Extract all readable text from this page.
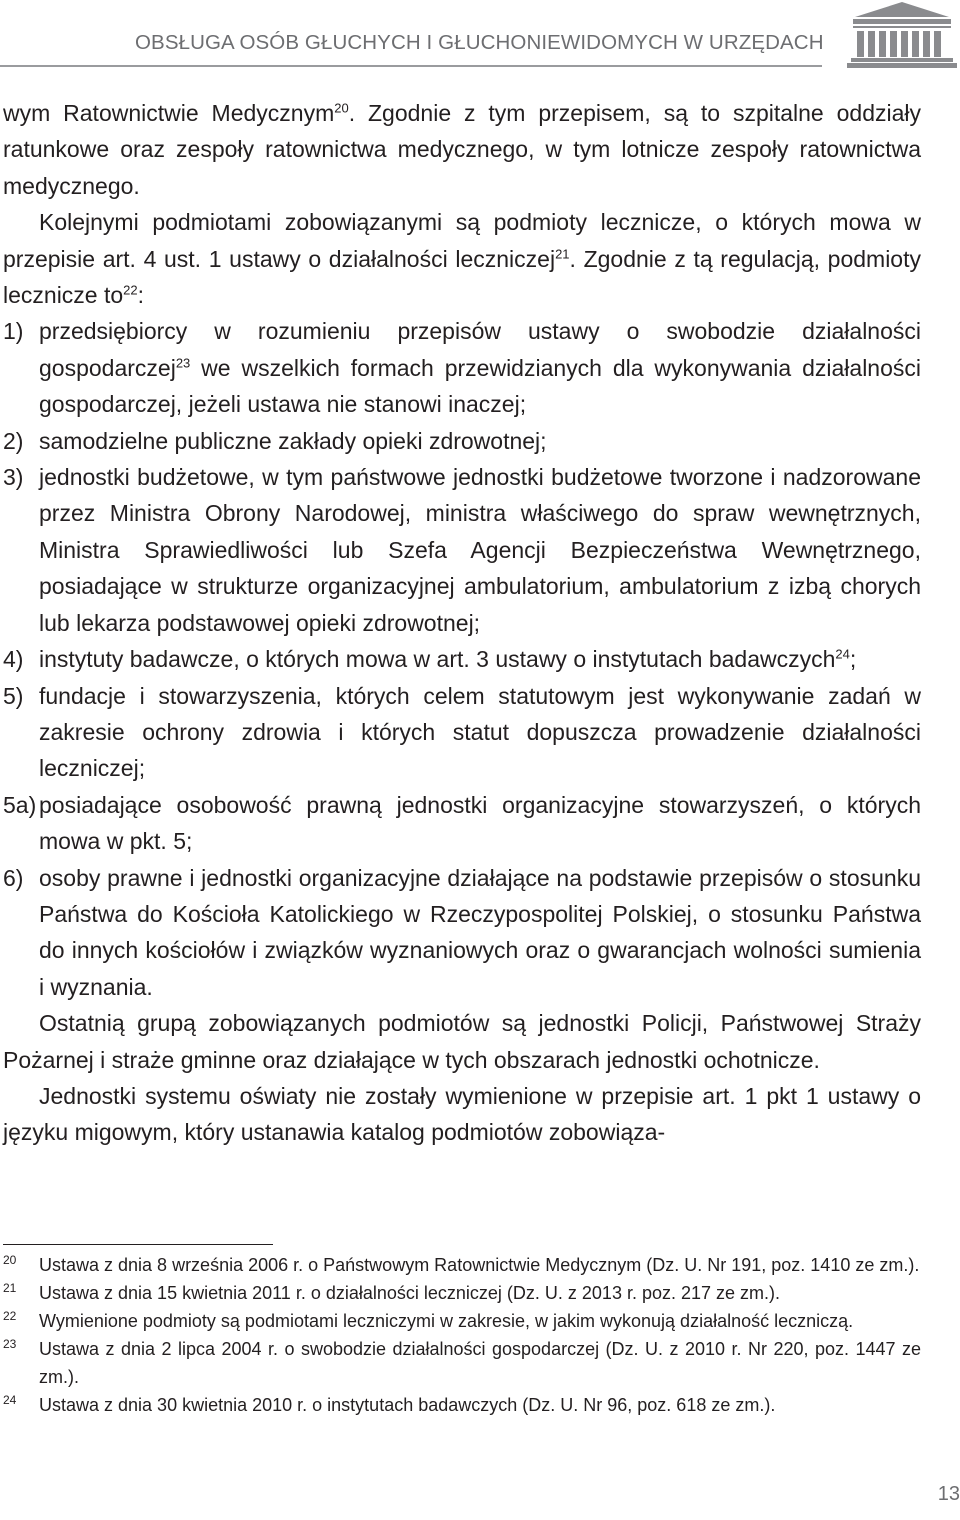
OBSŁUGA OSÓB GŁUCHYCH I GŁUCHONIEWIDOMYCH W URZĘDACH

wym Ratownictwie Medycznym$^{20}$. Zgodnie z tym przepisem, są to szpitalne oddziały ratunkowe oraz zespoły ratownictwa medycznego, w tym lotnicze zespoły ratownictwa medycznego.

Kolejnymi podmiotami zobowiązanymi są podmioty lecznicze, o których mowa w przepisie art. 4 ust. 1 ustawy o działalności leczniczej$^{21}$. Zgodnie z tą regulacją, podmioty lecznicze $to^{22}$:

1) przedsiębiorcy w rozumieniu przepisów ustawy o swobodzie działalności gospodarczej$^{23}$ we wszelkich formach przewidzianych dla wykonywania działalności gospodarczej, jeżeli ustawa nie stanowi inaczej;
2) samodzielne publiczne zakłady opieki zdrowotnej;
3) jednostki budżetowe, w tym państwowe jednostki budżetowe tworzone i nadzorowane przez Ministra Obrony Narodowej, ministra właściwego do spraw wewnętrznych, Ministra Sprawiedliwości lub Szefa Agencji Bezpieczeństwa Wewnętrznego, posiadające w strukturze organizacyjnej ambulatorium, ambulatorium z izbą chorych lub lekarza podstawowej opieki zdrowotnej;
4) instytuty badawcze, o których mowa w art. 3 ustawy o instytutach badawczych$^{24}$;
5) fundacje i stowarzyszenia, których celem statutowym jest wykonywanie zadań w zakresie ochrony zdrowia i których statut dopuszcza prowadzenie działalności leczniczej;
5a) posiadające osobowość prawną jednostki organizacyjne stowarzyszeń, o których mowa w pkt. 5;
6) osoby prawne i jednostki organizacyjne działające na podstawie przepisów o stosunku Państwa do Kościoła Katolickiego w Rzeczypospolitej Polskiej, o stosunku Państwa do innych kościołów i związków wyznaniowych oraz o gwarancjach wolności sumienia i wyznania.

Ostatnią grupą zobowiązanych podmiotów są jednostki Policji, Państwowej Straży Pożarnej i straże gminne oraz działające w tych obszarach jednostki ochotnicze.

Jednostki systemu oświaty nie zostały wymienione w przepisie art. 1 pkt 1 ustawy o języku migowym, który ustanawia katalog podmiotów zobowiąza-

20 Ustawa z dnia 8 września 2006 r. o Państwowym Ratownictwie Medycznym (Dz. U. Nr 191, poz. 1410 ze zm.).
21 Ustawa z dnia 15 kwietnia 2011 r. o działalności leczniczej (Dz. U. z 2013 r. poz. 217 ze zm.).
22 Wymienione podmioty są podmiotami leczniczymi w zakresie, w jakim wykonują działalność leczniczą.
23 Ustawa z dnia 2 lipca 2004 r. o swobodzie działalności gospodarczej (Dz. U. z 2010 r. Nr 220, poz. 1447 ze zm.).
24 Ustawa z dnia 30 kwietnia 2010 r. o instytutach badawczych (Dz. U. Nr 96, poz. 618 ze zm.).
13
